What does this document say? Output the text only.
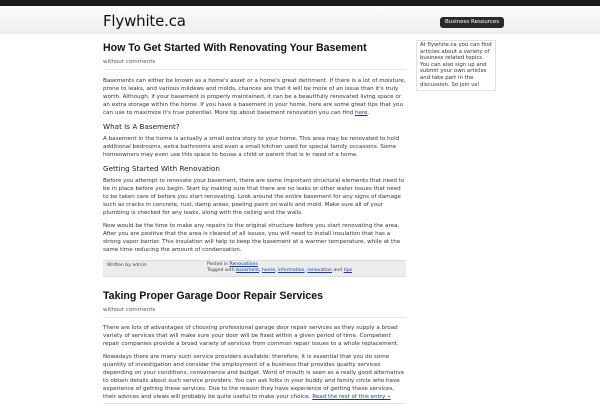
Flywhite.ca	Business Resources
At flywhite.ca you can find articles about a variety of business related topics. You can also sign up and submit your own articles and take part in the discussion. So join us!
How To Get Started With Renovating Your Basement
without comments

Basements can either be known as a home's asset or a home's great detriment. If there is a lot of moisture, prone to leaks, and various mildews and molds, chances are that it will be more of an issue than it's truly worth. Although, if your basement is properly maintained, it can be a beautifully renovated living space or an extra storage within the home. If you have a basement in your home, here are some great tips that you can use to maximize it's true potential. More tip about basement renovation you can find here.

What Is A Basement?

A basement in the home is actually a small extra story to your home. This area may be renovated to hold additional bedrooms, extra bathrooms and even a small kitchen used for special family occasions. Some homeowners may even use this space to house a child or parent that is in need of a home.

Getting Started With Renovation

Before you attempt to renovate your basement, there are some important structural elements that need to be in place before you begin. Start by making sure that there are no leaks or other water issues that need to be taken care of before you start renovating. Look around the entire basement for any signs of damage such as cracks in concrete, rust, damp areas, peeling paint on walls and mold. Make sure all of your plumbing is checked for any leaks, along with the ceiling and the walls.

Now would be the time to make any repairs to the original structure before you start renovating the area. After you are positive that the area is cleared of all issues, you will need to install insulation that has a strong vapor barrier. This insulation will help to keep the basement at a warmer temperature, while at the same time reducing the amount of condensation.

Written by admin	Posted in Renovations
Tagged with basement, home, information, renovation and tips
Taking Proper Garage Door Repair Services
without comments

There are lots of advantages of choosing professional garage door repair services as they supply a broad variety of services that will make sure your door will be fixed within a given period of time. Competent repair companies provide a broad variety of services from common repair issues to a whole replacement.

Nowadays there are many such service providers available; therefore, it is essential that you do some quantity of investigation and consider the employment of a business that provides quality services depending on your conditions, convenience and budget. Word of mouth is seen as a really good alternative to obtain details about such service providers. You can ask folks in your buddy and family circle who have experience of getting these services. Due to the reason they have experience of getting these services, their advices and views will probably be quite useful to make your choice. Read the rest of this entry »
